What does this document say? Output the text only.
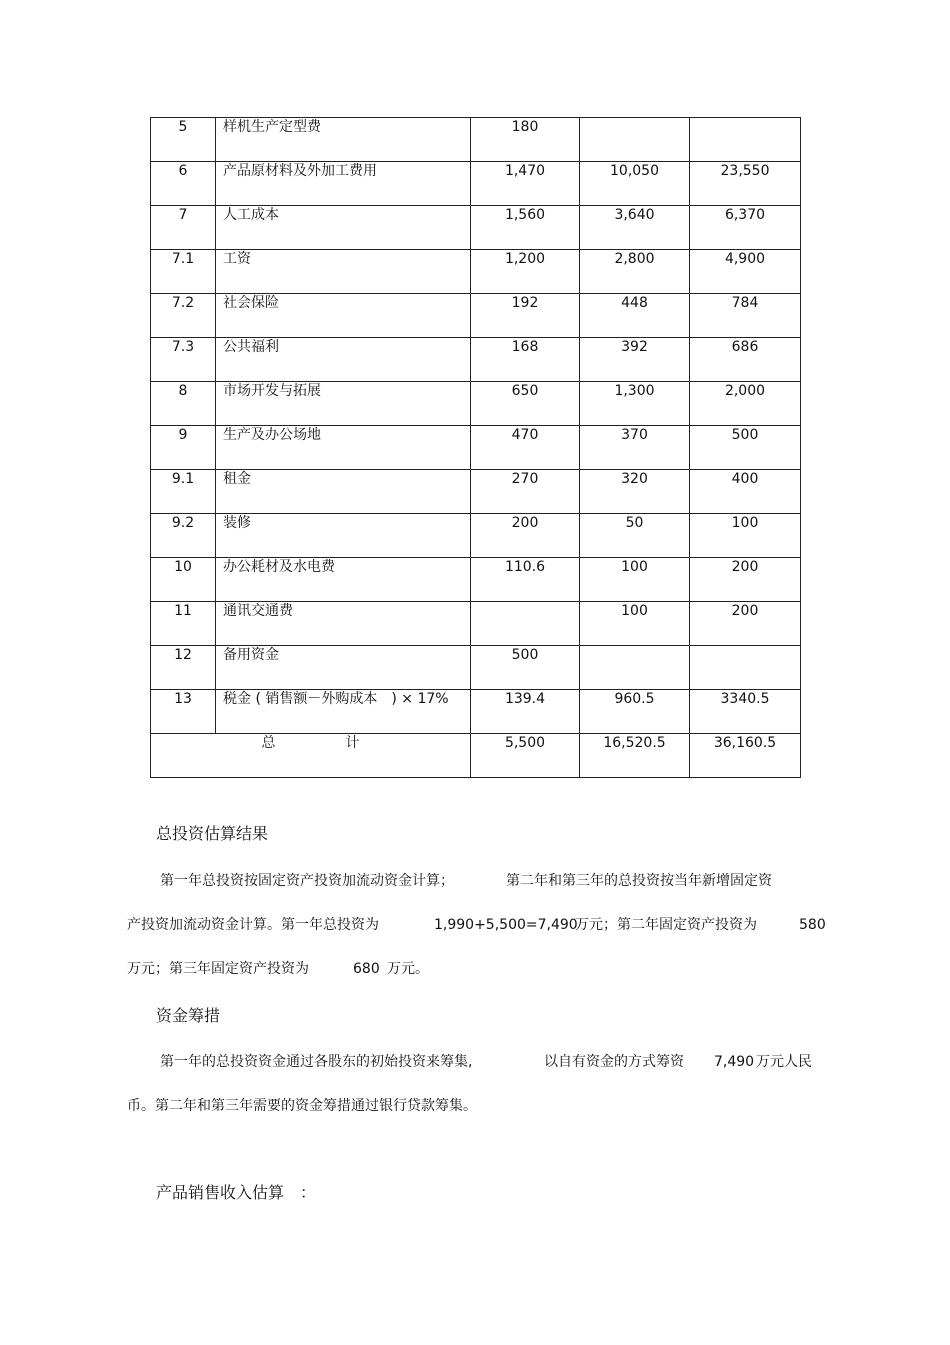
5	样机生产定型费	180		

6	产品原材料及外加工费用	1,470	10,050	23,550

7	人工成本	1,560	3,640	6,370

7.1	工资	1,200	2,800	4,900

7.2	社会保险	192	448	784

7.3	公共福利	168	392	686

8	市场开发与拓展	650	1,300	2,000

9	生产及办公场地	470	370	500

9.1	租金	270	320	400

9.2	装修	200	50	100

10	办公耗材及水电费	110.6	100	200

11	通讯交通费		100	200

12	备用资金	500		

13	税金 ( 销售额－外购成本　) × 17%	139.4	960.5	3340.5

总 计		5,500	16,520.5	36,160.5
总投资估算结果
第一年总投资按固定资产投资加流动资金计算；	第二年和第三年的总投资按当年新增固定资
产投资加流动资金计算。第一年总投资为	1,990+5,500=7,490
万元；第二年固定资产投资为	580
万元；第三年固定资产投资为	680 万元。
资金筹措
第一年的总投资资金通过各股东的初始投资来筹集,	以自有资金的方式筹资 7,490 万元人民
币。第二年和第三年需要的资金筹措通过银行贷款筹集。
产品销售收入估算　：
